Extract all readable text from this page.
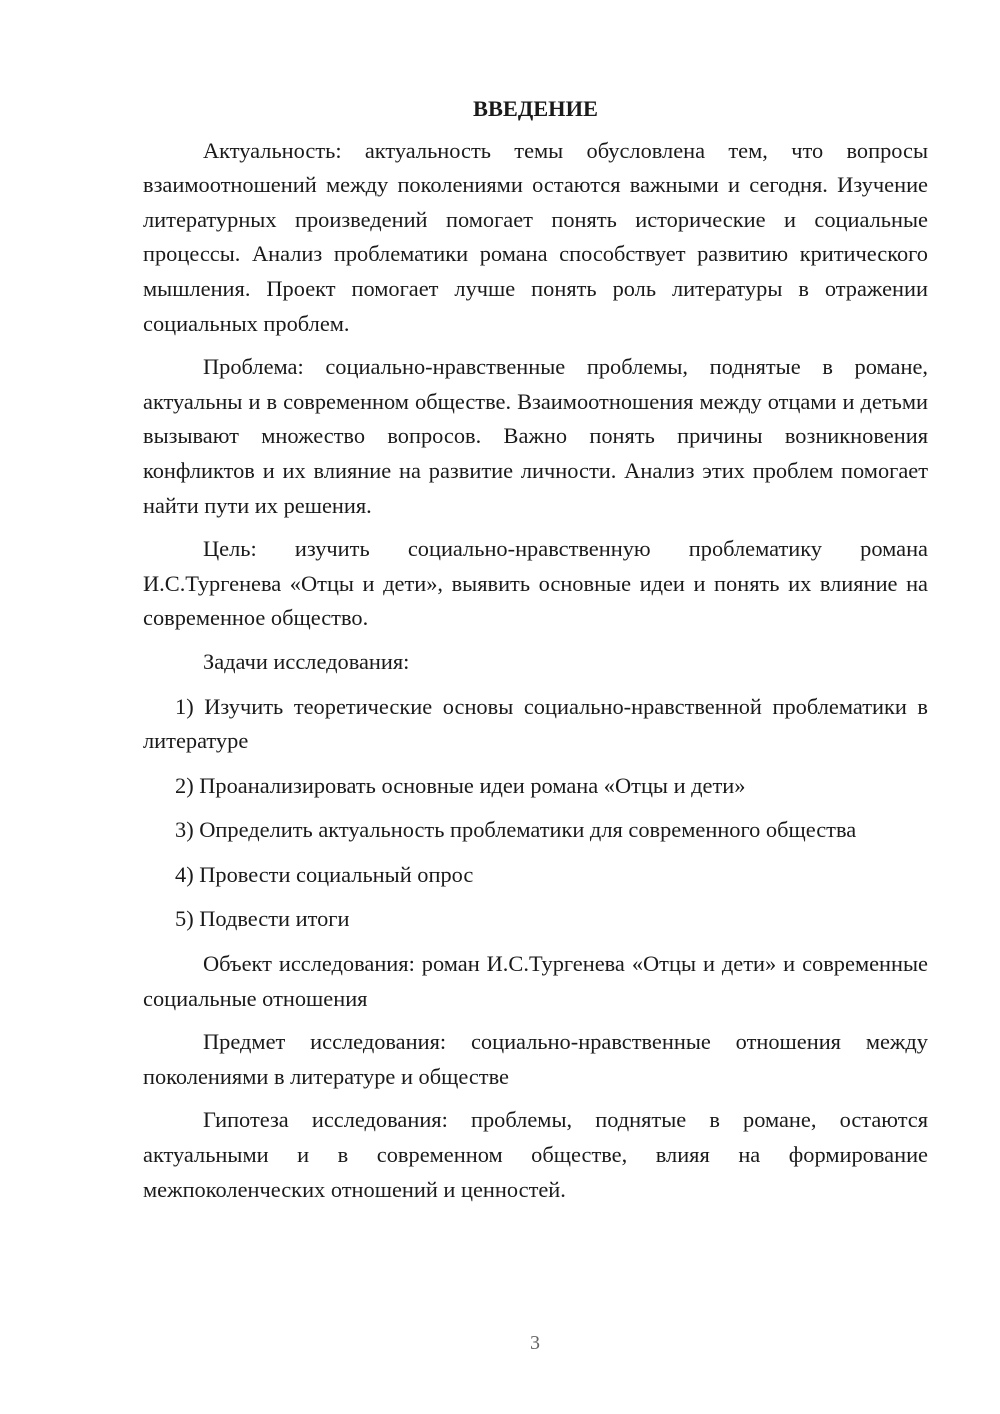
ВВЕДЕНИЕ

Актуальность: актуальность темы обусловлена тем, что вопросы взаимоотношений между поколениями остаются важными и сегодня. Изучение литературных произведений помогает понять исторические и социальные процессы. Анализ проблематики романа способствует развитию критического мышления. Проект помогает лучше понять роль литературы в отражении социальных проблем.

Проблема: социально-нравственные проблемы, поднятые в романе, актуальны и в современном обществе. Взаимоотношения между отцами и детьми вызывают множество вопросов. Важно понять причины возникновения конфликтов и их влияние на развитие личности. Анализ этих проблем помогает найти пути их решения.

Цель: изучить социально-нравственную проблематику романа И.С.Тургенева «Отцы и дети», выявить основные идеи и понять их влияние на современное общество.

Задачи исследования:

1) Изучить теоретические основы социально-нравственной проблематики в литературе

2) Проанализировать основные идеи романа «Отцы и дети»

3) Определить актуальность проблематики для современного общества

4) Провести социальный опрос

5) Подвести итоги

Объект исследования: роман И.С.Тургенева «Отцы и дети» и современные социальные отношения

Предмет исследования: социально-нравственные отношения между поколениями в литературе и обществе

Гипотеза исследования: проблемы, поднятые в романе, остаются актуальными и в современном обществе, влияя на формирование межпоколенческих отношений и ценностей.

3
